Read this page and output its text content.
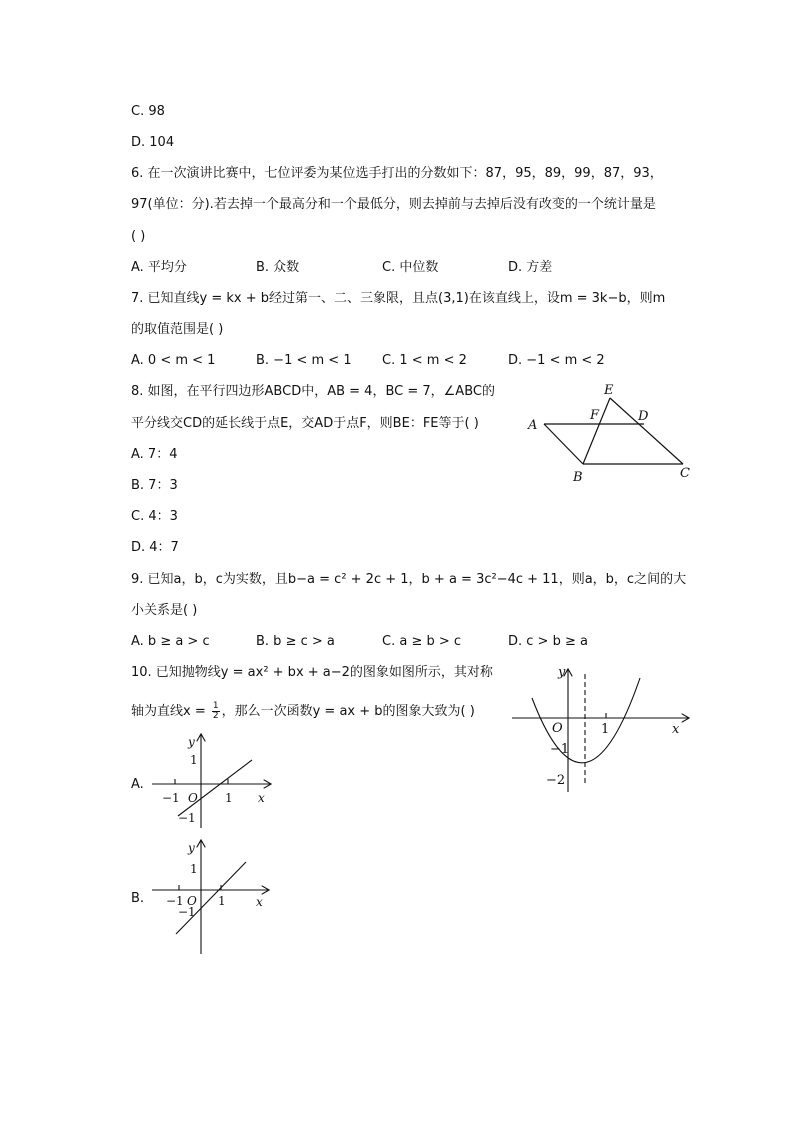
C. 98
D. 104
6. 在一次演讲比赛中，七位评委为某位选手打出的分数如下：87，95，89，99，87，93，
97(单位：分).若去掉一个最高分和一个最低分，则去掉前与去掉后没有改变的一个统计量是
( )
A. 平均分	B. 众数	C. 中位数	D. 方差
7. 已知直线y = kx + b经过第一、二、三象限，且点(3,1)在该直线上，设m = 3k−b，则m
的取值范围是( )
A. 0 < m < 1	B. −1 < m < 1 C. 1 < m < 2	D. −1 < m < 2
8. 如图，在平行四边形ABCD中，AB = 4，BC = 7，∠ABC的
平分线交CD的延长线于点E，交AD于点F，则BE：FE等于( )
A. 7：4
B. 7：3
C. 4：3
D. 4：7
A
B	C
D
E
F
9. 已知a，b，c为实数，且b−a = c² + 2c + 1，b + a = 3c²−4c + 11，则a，b，c之间的大
小关系是( )
A. b ≥ a > c	B. b ≥ c > a	C. a ≥ b > c	D. c > b ≥ a
10. 已知抛物线y = ax² + bx + a−2的图象如图所示，其对称
轴为直线$x = \frac{1}{2}$ ，那么一次函数y = ax + b的图象大致为( )
y
x
O	1
−1
−2
A.
y
x
O
−1	1
1
−1
B.
y
x
O
−1	1
1
−1
